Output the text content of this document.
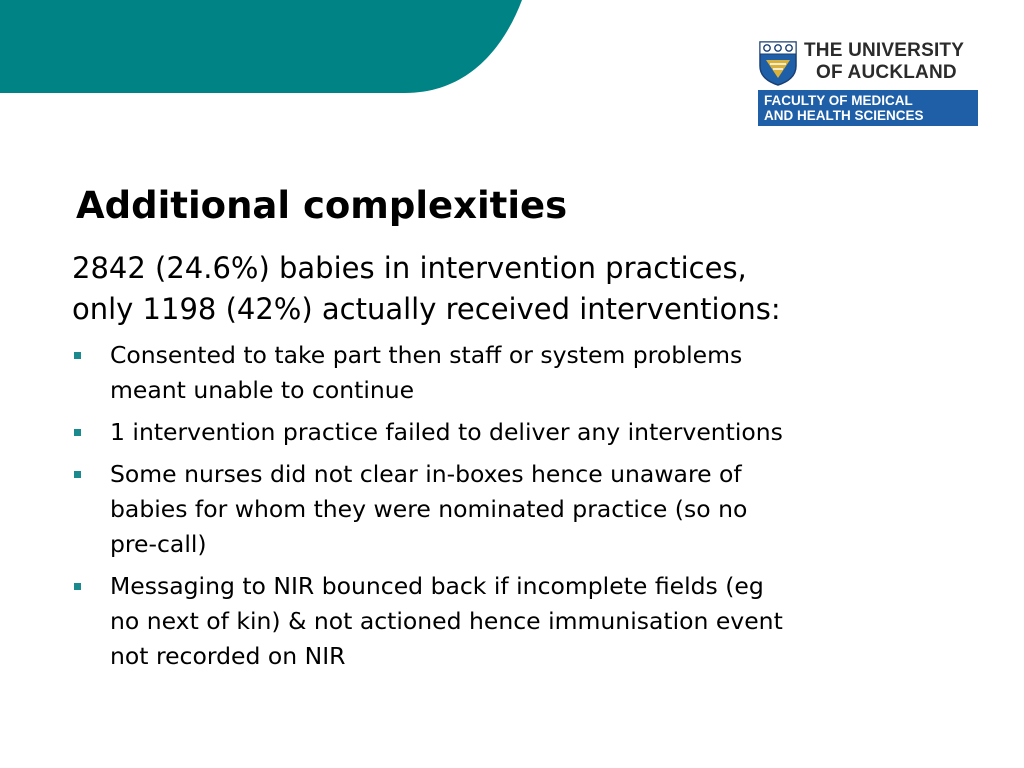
THE UNIVERSITY
OF AUCKLAND
FACULTY OF MEDICAL
AND HEALTH SCIENCES
Additional complexities

2842 (24.6%) babies in intervention practices,
only 1198 (42%) actually received interventions:

Consented to take part then staff or system problems
meant unable to continue
1 intervention practice failed to deliver any interventions
Some nurses did not clear in-boxes hence unaware of
babies for whom they were nominated practice (so no
pre-call)
Messaging to NIR bounced back if incomplete fields (eg
no next of kin) & not actioned hence immunisation event
not recorded on NIR
